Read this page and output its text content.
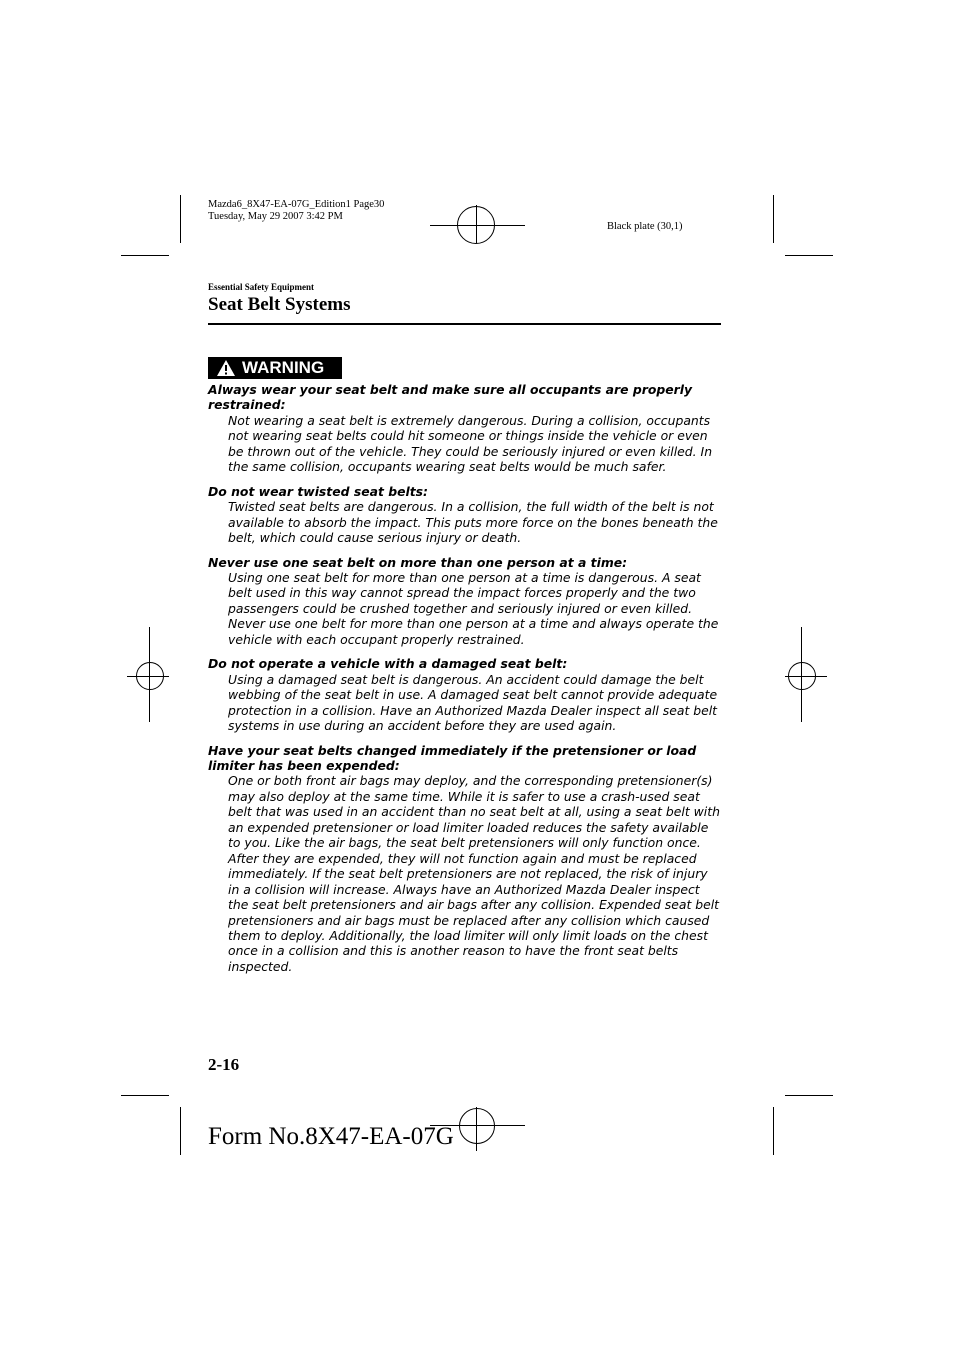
Mazda6_8X47-EA-07G_Edition1 Page30
Tuesday, May 29 2007 3:42 PM
Black plate (30,1)
Essential Safety Equipment
Seat Belt Systems
WARNING
Always wear your seat belt and make sure all occupants are properly restrained:
Not wearing a seat belt is extremely dangerous. During a collision, occupants not wearing seat belts could hit someone or things inside the vehicle or even be thrown out of the vehicle. They could be seriously injured or even killed. In the same collision, occupants wearing seat belts would be much safer.
Do not wear twisted seat belts:
Twisted seat belts are dangerous. In a collision, the full width of the belt is not available to absorb the impact. This puts more force on the bones beneath the belt, which could cause serious injury or death.
Never use one seat belt on more than one person at a time:
Using one seat belt for more than one person at a time is dangerous. A seat belt used in this way cannot spread the impact forces properly and the two passengers could be crushed together and seriously injured or even killed. Never use one belt for more than one person at a time and always operate the vehicle with each occupant properly restrained.
Do not operate a vehicle with a damaged seat belt:
Using a damaged seat belt is dangerous. An accident could damage the belt webbing of the seat belt in use. A damaged seat belt cannot provide adequate protection in a collision. Have an Authorized Mazda Dealer inspect all seat belt systems in use during an accident before they are used again.
Have your seat belts changed immediately if the pretensioner or load limiter has been expended:
One or both front air bags may deploy, and the corresponding pretensioner(s) may also deploy at the same time. While it is safer to use a crash-used seat belt that was used in an accident than no seat belt at all, using a seat belt with an expended pretensioner or load limiter loaded reduces the safety available to you. Like the air bags, the seat belt pretensioners will only function once. After they are expended, they will not function again and must be replaced immediately. If the seat belt pretensioners are not replaced, the risk of injury in a collision will increase. Always have an Authorized Mazda Dealer inspect the seat belt pretensioners and air bags after any collision. Expended seat belt pretensioners and air bags must be replaced after any collision which caused them to deploy. Additionally, the load limiter will only limit loads on the chest once in a collision and this is another reason to have the front seat belts inspected.
2-16
Form No.8X47-EA-07G
